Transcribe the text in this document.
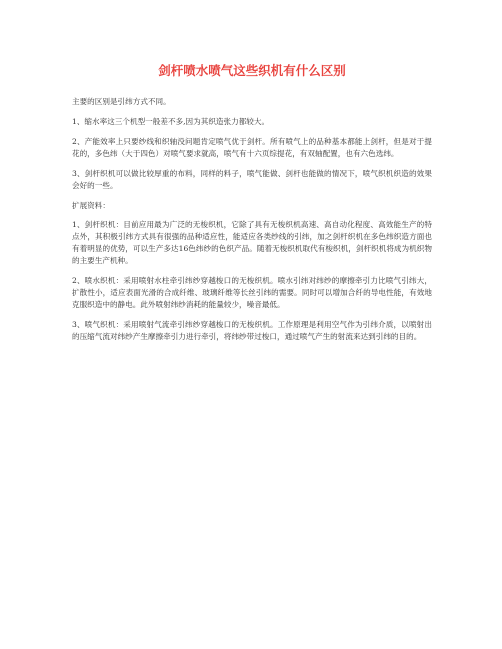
剑杆喷水喷气这些织机有什么区别

主要的区别是引纬方式不同。

1、缩水率这三个机型一般差不多,因为其织造张力都较大。

2、产能效率上只要纱线和织轴没问题肯定喷气优于剑杆。所有喷气上的品种基本都能上剑杆，但是对于提花的，多色纬（大于四色）对喷气要求就高，喷气有十六页综提花，有双轴配置，也有六色选纬。

3、剑杆织机可以做比较厚重的布料，同样的料子，喷气能做、剑杆也能做的情况下，喷气织机织造的效果会好的一些。

扩展资料：

1、剑杆织机：目前应用最为广泛的无梭织机，它除了具有无梭织机高速、高自动化程度、高效能生产的特点外，其积极引纬方式具有很强的品种适应性，能适应各类纱线的引纬，加之剑杆织机在多色纬织造方面也有着明显的优势，可以生产多达16色纬纱的色织产品。随着无梭织机取代有梭织机，剑杆织机将成为机织物的主要生产机种。

2、喷水织机：采用喷射水柱牵引纬纱穿越梭口的无梭织机。喷水引纬对纬纱的摩擦牵引力比喷气引纬大，扩散性小，适应表面光滑的合成纤维、玻璃纤维等长丝引纬的需要。同时可以增加合纤的导电性能，有效地克服织造中的静电。此外喷射纬纱消耗的能量较少，噪音最低。

3、喷气织机：采用喷射气流牵引纬纱穿越梭口的无梭织机。工作原理是利用空气作为引纬介质，以喷射出的压缩气流对纬纱产生摩擦牵引力进行牵引，将纬纱带过梭口，通过喷气产生的射流来达到引纬的目的。
